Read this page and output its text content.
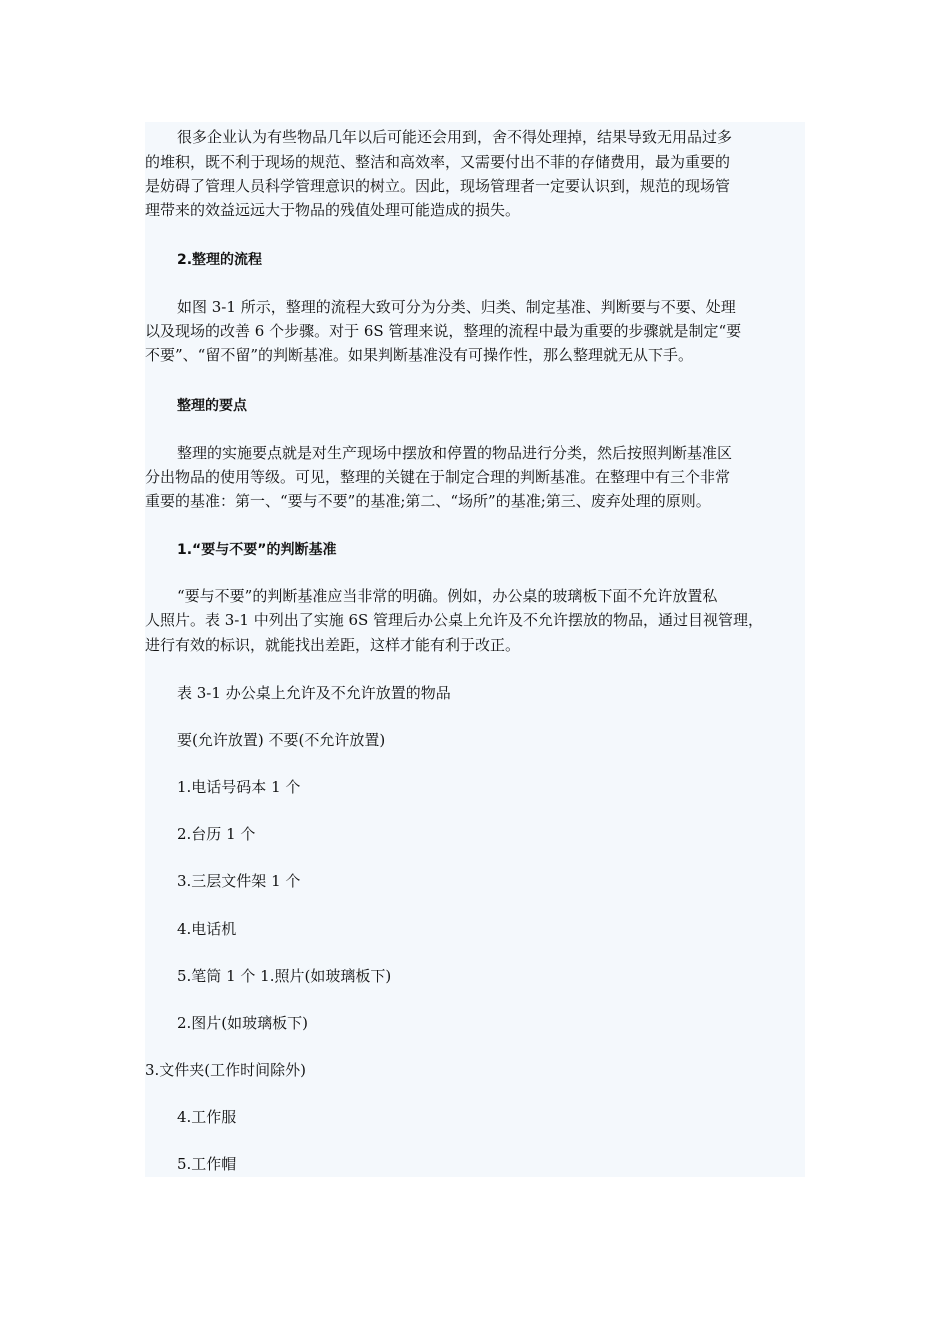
很多企业认为有些物品几年以后可能还会用到，舍不得处理掉，结果导致无用品过多

的堆积，既不利于现场的规范、整洁和高效率，又需要付出不菲的存储费用，最为重要的

是妨碍了管理人员科学管理意识的树立。因此，现场管理者一定要认识到，规范的现场管

理带来的效益远远大于物品的残值处理可能造成的损失。

2.整理的流程

如图 3-1 所示，整理的流程大致可分为分类、归类、制定基准、判断要与不要、处理

以及现场的改善 6 个步骤。对于 6S 管理来说，整理的流程中最为重要的步骤就是制定“要

不要”、“留不留”的判断基准。如果判断基准没有可操作性，那么整理就无从下手。

整理的要点

整理的实施要点就是对生产现场中摆放和停置的物品进行分类，然后按照判断基准区

分出物品的使用等级。可见，整理的关键在于制定合理的判断基准。在整理中有三个非常

重要的基准：第一、“要与不要”的基准;第二、“场所”的基准;第三、废弃处理的原则。

1.“要与不要”的判断基准

“要与不要”的判断基准应当非常的明确。例如，办公桌的玻璃板下面不允许放置私

人照片。表 3-1 中列出了实施 6S 管理后办公桌上允许及不允许摆放的物品，通过目视管理，

进行有效的标识，就能找出差距，这样才能有利于改正。

表 3-1 办公桌上允许及不允许放置的物品

要(允许放置) 不要(不允许放置)

1.电话号码本 1 个

2.台历 1 个

3.三层文件架 1 个

4.电话机

5.笔筒 1 个 1.照片(如玻璃板下)

2.图片(如玻璃板下)

3.文件夹(工作时间除外)

4.工作服

5.工作帽
